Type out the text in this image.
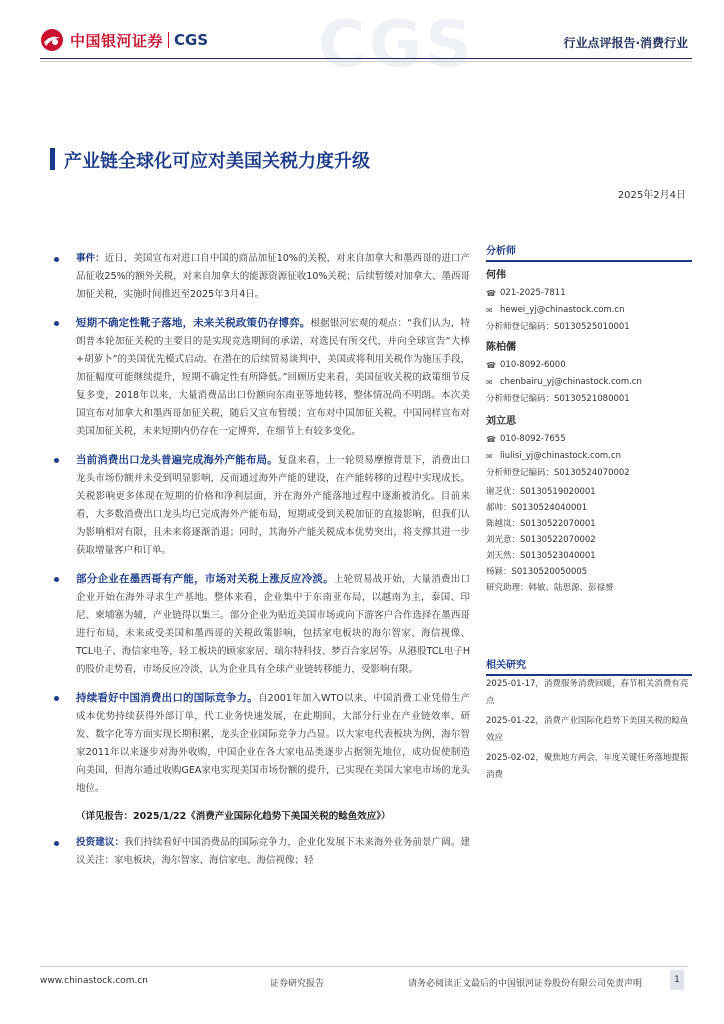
中国银河证券 CGS CGS	行业点评报告·消费行业
产业链全球化可应对美国关税力度升级
2025年2月4日
事件：近日，美国宣布对进口自中国的商品加征10%的关税，对来自加拿大和墨西哥的进口产品征收25%的额外关税，对来自加拿大的能源资源征收10%关税；后续暂缓对加拿大、墨西哥加征关税，实施时间推迟至2025年3月4日。
短期不确定性靴子落地，未来关税政策仍存博弈。根据银河宏观的观点：“我们认为，特朗普本轮加征关税的主要目的是实现竞选期间的承诺，对选民有所交代，并向全球宣告“大棒+胡萝卜”的美国优先模式启动。在潜在的后续贸易谈判中，美国或将利用关税作为施压手段，加征幅度可能继续提升，短期不确定性有所降低。”回顾历史来看，美国征收关税的政策细节反复多变，2018年以来，大量消费品出口份额向东南亚等地转移，整体情况尚不明朗。本次美国宣布对加拿大和墨西哥加征关税，随后又宣布暂缓；宣布对中国加征关税，中国同样宣布对美国加征关税，未来短期内仍存在一定博弈，在细节上有较多变化。
当前消费出口龙头普遍完成海外产能布局。复盘来看，上一轮贸易摩擦背景下，消费出口龙头市场份额并未受到明显影响，反而通过海外产能的建设，在产能转移的过程中实现成长。关税影响更多体现在短期的价格和净利层面，并在海外产能落地过程中逐渐被消化。目前来看，大多数消费出口龙头均已完成海外产能布局，短期或受到关税加征的直接影响，但我们认为影响相对有限，且未来将逐渐消退；同时，其海外产能关税成本优势突出，将支撑其进一步获取增量客户和订单。
部分企业在墨西哥有产能，市场对关税上涨反应冷淡。上轮贸易战开始，大量消费出口企业开始在海外寻求生产基地。整体来看，企业集中于东南亚布局，以越南为主，泰国、印尼、柬埔寨为辅，产业链得以集三。部分企业为贴近美国市场或向下游客户合作选择在墨西哥进行布局，未来或受美国和墨西哥的关税政策影响，包括家电板块的海尔智家、海信视像、TCL电子、海信家电等，轻工板块的顾家家居、瑞尔特科技、梦百合家居等。从港股TCL电子H的股价走势看，市场反应冷淡，认为企业具有全球产业链转移能力，受影响有限。
持续看好中国消费出口的国际竞争力。自2001年加入WTO以来，中国消费工业凭借生产成本优势持续获得外部订单，代工业务快速发展，在此期间，大部分行业在产业链效率、研发、数字化等方面实现长期积累，龙头企业国际竞争力凸显。以大家电代表板块为例，海尔智家2011年以来逐步对海外收购，中国企业在各大家电品类逐步占据领先地位，成功促使制造向美国，但海尔通过收购GEA家电实现美国市场份额的提升，已实现在美国大家电市场的龙头地位。
（详见报告：2025/1/22《消费产业国际化趋势下美国关税的鲶鱼效应》）
投资建议：我们持续看好中国消费品的国际竞争力，企业化发展下未来海外业务前景广阔。建议关注：家电板块，海尔智家、海信家电、海信视像；轻
分析师
何伟
☎ 021-2025-7811
✉ hewei_yj@chinastock.com.cn
分析师登记编码：S0130525010001
陈柏儒
☎ 010-8092-6000
✉ chenbairu_yj@chinastock.com.cn
分析师登记编码：S0130521080001
刘立思
☎ 010-8092-7655
✉ liulisi_yj@chinastock.com.cn
分析师登记编码：S0130524070002
谢芝优：S0130519020001
郝帅：S0130524040001
陈越岚：S0130522070001
刘光意：S0130522070002
刘天然：S0130523040001
杨颖：S0130520050005
研究助理：韩敏、陆思源、彭禄赟
相关研究
2025-01-17，消费服务消费回暖，春节相关消费有亮点
2025-01-22，消费产业国际化趋势下美国关税的鲶鱼效应
2025-02-02，聚焦地方两会，年度关键任务落地提振消费
www.chinastock.com.cn	证券研究报告	请务必阅读正文最后的中国银河证券股份有限公司免责声明	1
